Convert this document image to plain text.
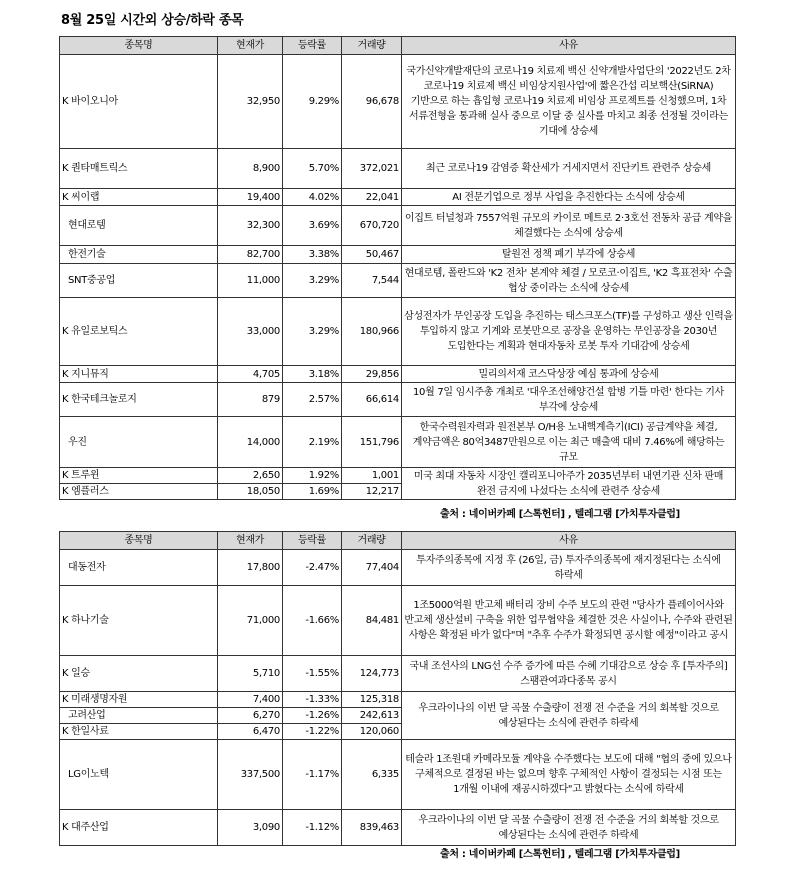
8월 25일 시간외 상승/하락 종목
종목명	현재가	등락률	거래량	사유
K 바이오니아	32,950	9.29%	96,678	국가신약개발재단의 코로나19 치료제 백신 신약개발사업단의 '2022년도 2차 코로나19 치료제 백신 비임상지원사업'에 짧은간섭 리보핵산(SiRNA) 기반으로 하는 흡입형 코로나19 치료제 비임상 프로젝트를 신청했으며, 1차 서류전형을 통과해 실사 중으로 이달 중 실사를 마치고 최종 선정될 것이라는 기대에 상승세
K 퀀타매트릭스	8,900	5.70%	372,021	최근 코로나19 감염증 확산세가 거세지면서 진단키트 관련주 상승세
K 씨이랩	19,400	4.02%	22,041	AI 전문기업으로 정부 사업을 추진한다는 소식에 상승세
현대로템	32,300	3.69%	670,720	이집트 터널청과 7557억원 규모의 카이로 메트로 2·3호선 전동차 공급 계약을 체결했다는 소식에 상승세
한전기술	82,700	3.38%	50,467	탈원전 정책 폐기 부각에 상승세
SNT중공업	11,000	3.29%	7,544	현대로템, 폴란드와 'K2 전차' 본계약 체결 / 모로코·이집트, 'K2 흑표전차' 수출 협상 중이라는 소식에 상승세
K 유일로보틱스	33,000	3.29%	180,966	삼성전자가 무인공장 도입을 추진하는 태스크포스(TF)를 구성하고 생산 인력을 투입하지 않고 기계와 로봇만으로 공장을 운영하는 무인공장을 2030년 도입한다는 계획과 현대자동차 로봇 투자 기대감에 상승세
K 지니뮤직	4,705	3.18%	29,856	밀리의서재 코스닥상장 예심 통과에 상승세
K 한국테크놀로지	879	2.57%	66,614	10월 7일 임시주총 개최로 '대우조선해양건설 합병 기틀 마련' 한다는 기사 부각에 상승세
우진	14,000	2.19%	151,796	한국수력원자력과 원전본부 O/H용 노내핵계측기(ICI) 공급계약을 체결, 계약금액은 80억3487만원으로 이는 최근 매출액 대비 7.46%에 해당하는 규모
K 트루윈	2,650	1.92%	1,001	미국 최대 자동차 시장인 캘리포니아주가 2035년부터 내연기관 신차 판매 완전 금지에 나섰다는 소식에 관련주 상승세
K 엠플러스	18,050	1.69%	12,217	
출처 : 네이버카페 [스톡헌터] , 텔레그램 [가치투자클럽]
종목명	현재가	등락률	거래량	사유
대동전자	17,800	-2.47%	77,404	투자주의종목에 지정 후 (26일, 금) 투자주의종목에 재지정된다는 소식에 하락세
K 하나기술	71,000	-1.66%	84,481	1조5000억원 반고체 배터리 장비 수주 보도의 관련 "당사가 플레이어사와 반고체 생산설비 구축을 위한 업무협약을 체결한 것은 사실이나, 수주와 관련된 사항은 확정된 바가 없다"며 "추후 수주가 확정되면 공시할 예정"이라고 공시
K 일승	5,710	-1.55%	124,773	국내 조선사의 LNG선 수주 증가에 따른 수혜 기대감으로 상승 후 [투자주의]스팸관여과다종목 공시
K 미래생명자원	7,400	-1.33%	125,318	우크라이나의 이번 달 곡물 수출량이 전쟁 전 수준을 거의 회복할 것으로 예상된다는 소식에 관련주 하락세
고려산업	6,270	-1.26%	242,613	
K 한일사료	6,470	-1.22%	120,060	
LG이노텍	337,500	-1.17%	6,335	테슬라 1조원대 카메라모듈 계약을 수주했다는 보도에 대해 "협의 중에 있으나 구체적으로 결정된 바는 없으며 향후 구체적인 사항이 결정되는 시점 또는 1개월 이내에 재공시하겠다"고 밝혔다는 소식에 하락세
K 대주산업	3,090	-1.12%	839,463	우크라이나의 이번 달 곡물 수출량이 전쟁 전 수준을 거의 회복할 것으로 예상된다는 소식에 관련주 하락세
출처 : 네이버카페 [스톡헌터] , 텔레그램 [가치투자클럽]
